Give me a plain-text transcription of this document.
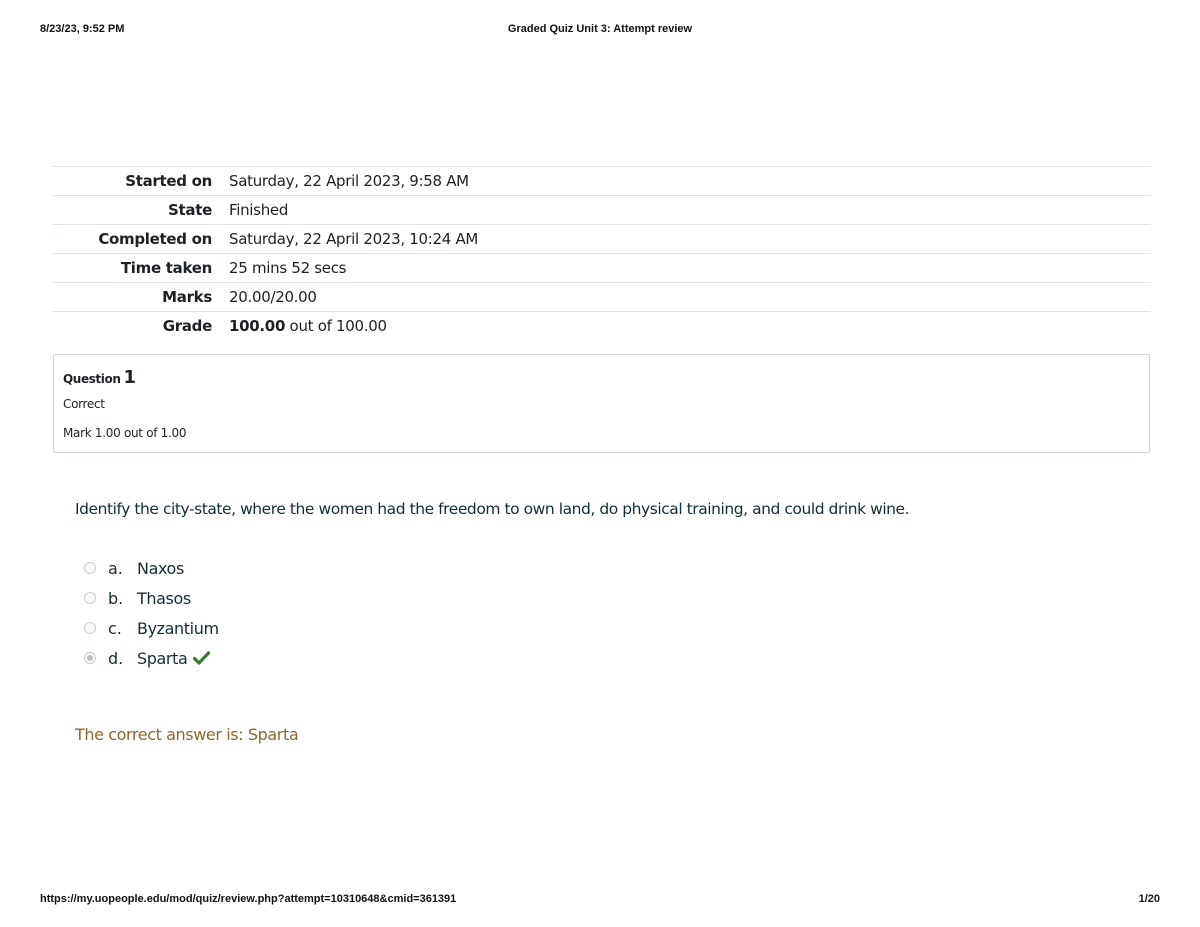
8/23/23, 9:52 PM	Graded Quiz Unit 3: Attempt review
Started on	Saturday, 22 April 2023, 9:58 AM
State	Finished
Completed on	Saturday, 22 April 2023, 10:24 AM
Time taken	25 mins 52 secs
Marks	20.00/20.00
Grade	100.00 out of 100.00
Question 1
Correct
Mark 1.00 out of 1.00
Identify the city-state, where the women had the freedom to own land, do physical training, and could drink wine.
a. Naxos
b. Thasos
c. Byzantium
d. Sparta
The correct answer is: Sparta
https://my.uopeople.edu/mod/quiz/review.php?attempt=10310648&cmid=361391	1/20
